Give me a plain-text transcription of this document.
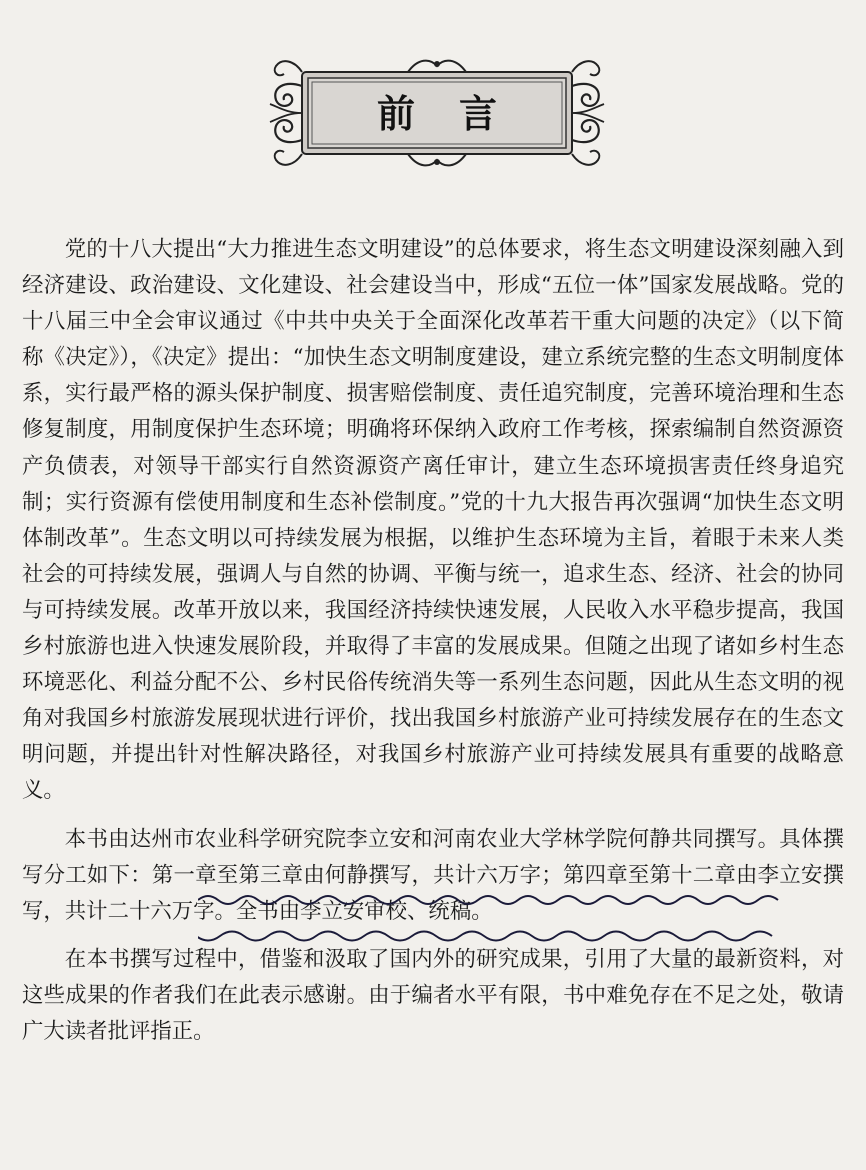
前言

党的十八大提出“大力推进生态文明建设”的总体要求，将生态文明建设深刻融入到经济建设、政治建设、文化建设、社会建设当中，形成“五位一体”国家发展战略。党的十八届三中全会审议通过《中共中央关于全面深化改革若干重大问题的决定》（以下简称《决定》），《决定》提出：“加快生态文明制度建设，建立系统完整的生态文明制度体系，实行最严格的源头保护制度、损害赔偿制度、责任追究制度，完善环境治理和生态修复制度，用制度保护生态环境；明确将环保纳入政府工作考核，探索编制自然资源资产负债表，对领导干部实行自然资源资产离任审计，建立生态环境损害责任终身追究制；实行资源有偿使用制度和生态补偿制度。”党的十九大报告再次强调“加快生态文明体制改革”。生态文明以可持续发展为根据，以维护生态环境为主旨，着眼于未来人类社会的可持续发展，强调人与自然的协调、平衡与统一，追求生态、经济、社会的协同与可持续发展。改革开放以来，我国经济持续快速发展，人民收入水平稳步提高，我国乡村旅游也进入快速发展阶段，并取得了丰富的发展成果。但随之出现了诸如乡村生态环境恶化、利益分配不公、乡村民俗传统消失等一系列生态问题，因此从生态文明的视角对我国乡村旅游发展现状进行评价，找出我国乡村旅游产业可持续发展存在的生态文明问题，并提出针对性解决路径，对我国乡村旅游产业可持续发展具有重要的战略意义。

本书由达州市农业科学研究院李立安和河南农业大学林学院何静共同撰写。具体撰写分工如下：第一章至第三章由何静撰写，共计六万字；第四章至第十二章由李立安撰写，共计二十六万字。全书由李立安审校、统稿。

在本书撰写过程中，借鉴和汲取了国内外的研究成果，引用了大量的最新资料，对这些成果的作者我们在此表示感谢。由于编者水平有限，书中难免存在不足之处，敬请广大读者批评指正。
